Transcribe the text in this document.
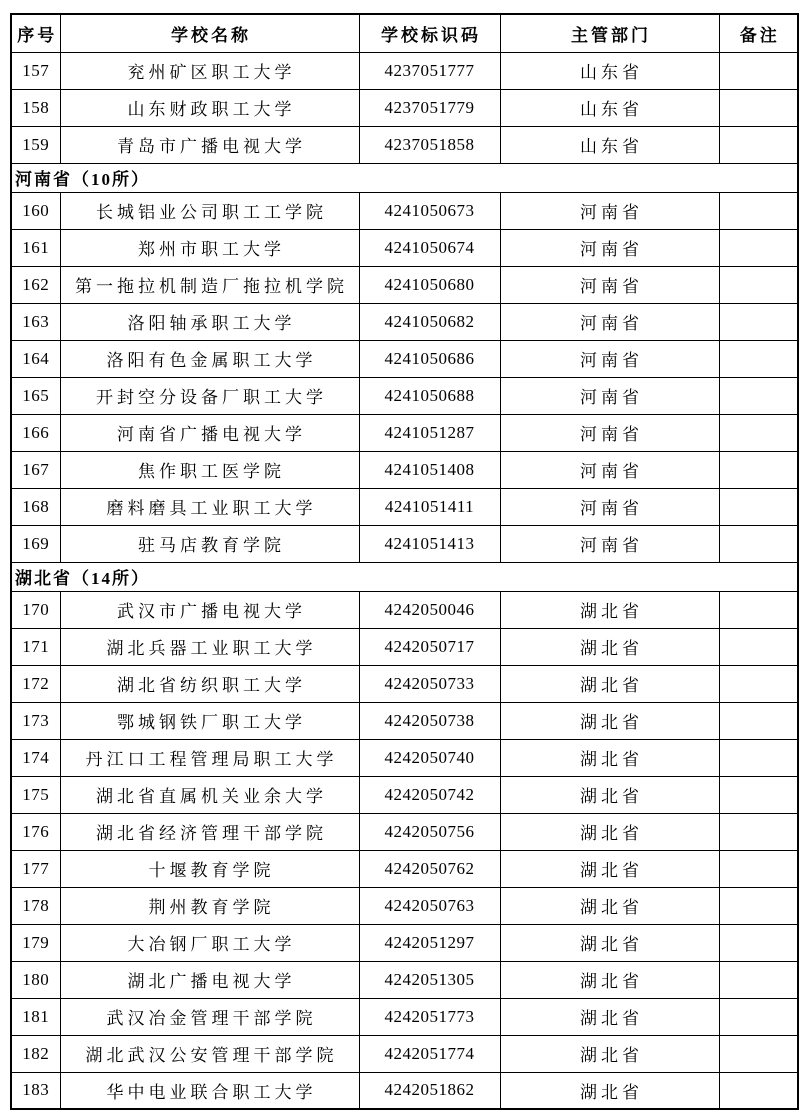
序号	学校名称	学校标识码	主管部门	备注
157	兖州矿区职工大学	4237051777	山东省	
158	山东财政职工大学	4237051779	山东省	
159	青岛市广播电视大学	4237051858	山东省	
河南省（10所）				
160	长城铝业公司职工工学院	4241050673	河南省	
161	郑州市职工大学	4241050674	河南省	
162	第一拖拉机制造厂拖拉机学院	4241050680	河南省	
163	洛阳轴承职工大学	4241050682	河南省	
164	洛阳有色金属职工大学	4241050686	河南省	
165	开封空分设备厂职工大学	4241050688	河南省	
166	河南省广播电视大学	4241051287	河南省	
167	焦作职工医学院	4241051408	河南省	
168	磨料磨具工业职工大学	4241051411	河南省	
169	驻马店教育学院	4241051413	河南省	
湖北省（14所）				
170	武汉市广播电视大学	4242050046	湖北省	
171	湖北兵器工业职工大学	4242050717	湖北省	
172	湖北省纺织职工大学	4242050733	湖北省	
173	鄂城钢铁厂职工大学	4242050738	湖北省	
174	丹江口工程管理局职工大学	4242050740	湖北省	
175	湖北省直属机关业余大学	4242050742	湖北省	
176	湖北省经济管理干部学院	4242050756	湖北省	
177	十堰教育学院	4242050762	湖北省	
178	荆州教育学院	4242050763	湖北省	
179	大冶钢厂职工大学	4242051297	湖北省	
180	湖北广播电视大学	4242051305	湖北省	
181	武汉冶金管理干部学院	4242051773	湖北省	
182	湖北武汉公安管理干部学院	4242051774	湖北省	
183	华中电业联合职工大学	4242051862	湖北省	
